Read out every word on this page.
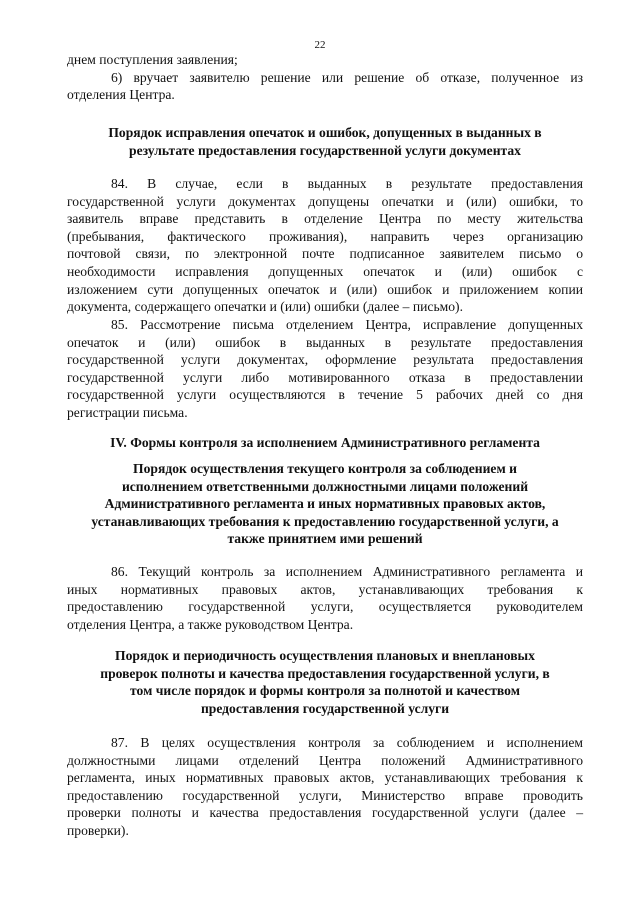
22
днем поступления заявления;
6) вручает заявителю решение или решение об отказе, полученное из
отделения Центра.
Порядок исправления опечаток и ошибок, допущенных в выданных в
результате предоставления государственной услуги документах
84. В случае, если в выданных в результате предоставления
государственной услуги документах допущены опечатки и (или) ошибки, то
заявитель вправе представить в отделение Центра по месту жительства
(пребывания, фактического проживания), направить через организацию
почтовой связи, по электронной почте подписанное заявителем письмо о
необходимости исправления допущенных опечаток и (или) ошибок с
изложением сути допущенных опечаток и (или) ошибок и приложением копии
документа, содержащего опечатки и (или) ошибки (далее – письмо).
85. Рассмотрение письма отделением Центра, исправление допущенных
опечаток и (или) ошибок в выданных в результате предоставления
государственной услуги документах, оформление результата предоставления
государственной услуги либо мотивированного отказа в предоставлении
государственной услуги осуществляются в течение 5 рабочих дней со дня
регистрации письма.
IV. Формы контроля за исполнением Административного регламента
Порядок осуществления текущего контроля за соблюдением и
исполнением ответственными должностными лицами положений
Административного регламента и иных нормативных правовых актов,
устанавливающих требования к предоставлению государственной услуги, а
также принятием ими решений
86. Текущий контроль за исполнением Административного регламента и
иных нормативных правовых актов, устанавливающих требования к
предоставлению государственной услуги, осуществляется руководителем
отделения Центра, а также руководством Центра.
Порядок и периодичность осуществления плановых и внеплановых
проверок полноты и качества предоставления государственной услуги, в
том числе порядок и формы контроля за полнотой и качеством
предоставления государственной услуги
87. В целях осуществления контроля за соблюдением и исполнением
должностными лицами отделений Центра положений Административного
регламента, иных нормативных правовых актов, устанавливающих требования к
предоставлению государственной услуги, Министерство вправе проводить
проверки полноты и качества предоставления государственной услуги (далее –
проверки).
